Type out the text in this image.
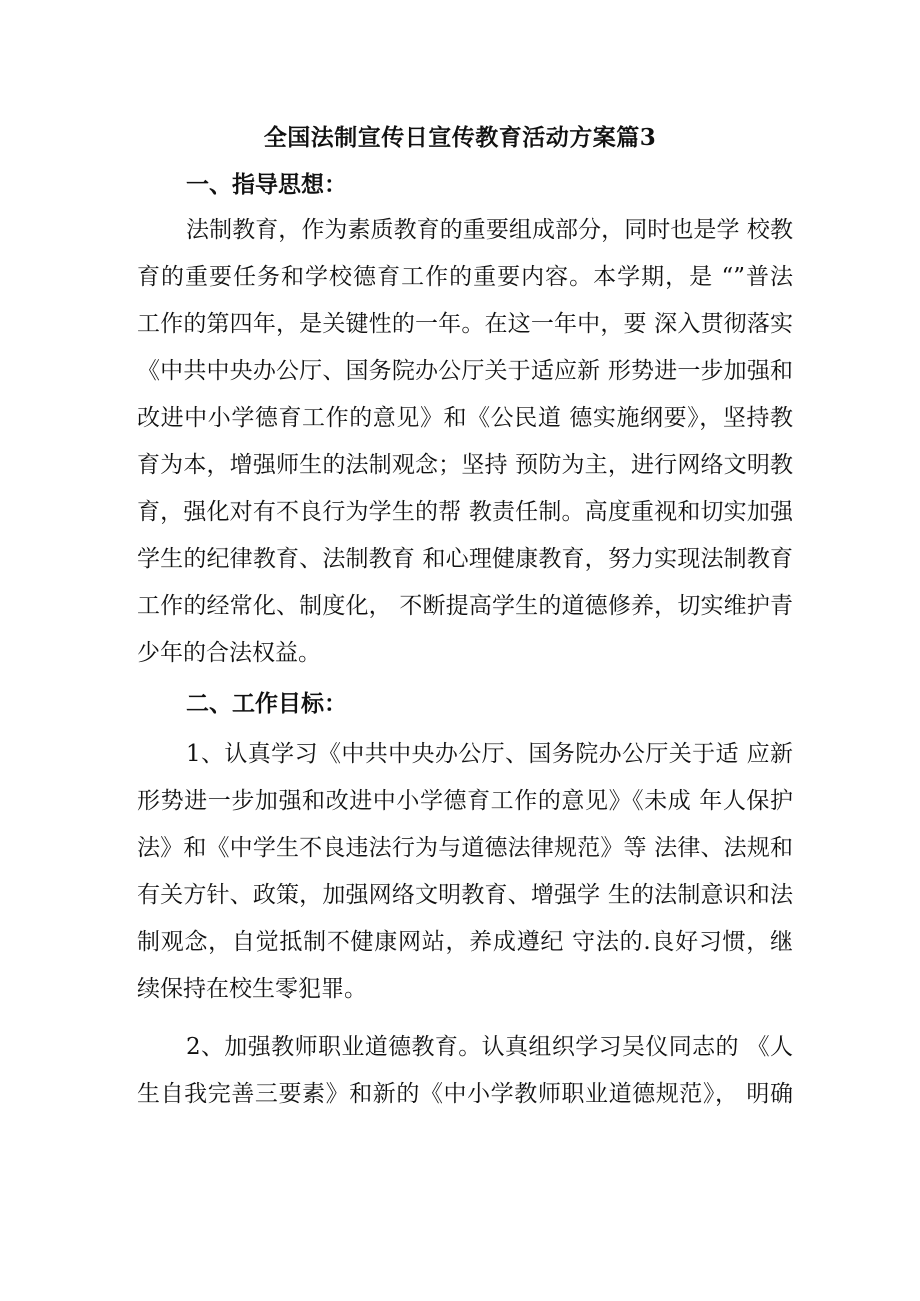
全国法制宣传日宣传教育活动方案篇3
一、指导思想：
法制教育，作为素质教育的重要组成部分，同时也是学 校教
育的重要任务和学校德育工作的重要内容。本学期，是 “”普法
工作的第四年，是关键性的一年。在这一年中，要 深入贯彻落实
《中共中央办公厅、国务院办公厅关于适应新 形势进一步加强和
改进中小学德育工作的意见》和《公民道 德实施纲要》，坚持教
育为本，增强师生的法制观念；坚持 预防为主，进行网络文明教
育，强化对有不良行为学生的帮 教责任制。高度重视和切实加强
学生的纪律教育、法制教育 和心理健康教育，努力实现法制教育
工作的经常化、制度化， 不断提高学生的道德修养，切实维护青
少年的合法权益。
二、工作目标：
1、认真学习《中共中央办公厅、国务院办公厅关于适 应新
形势进一步加强和改进中小学德育工作的意见》《未成 年人保护
法》和《中学生不良违法行为与道德法律规范》等 法律、法规和
有关方针、政策，加强网络文明教育、增强学 生的法制意识和法
制观念，自觉抵制不健康网站，养成遵纪 守法的.良好习惯，继
续保持在校生零犯罪。
2、加强教师职业道德教育。认真组织学习吴仪同志的 《人
生自我完善三要素》和新的《中小学教师职业道德规范》， 明确
